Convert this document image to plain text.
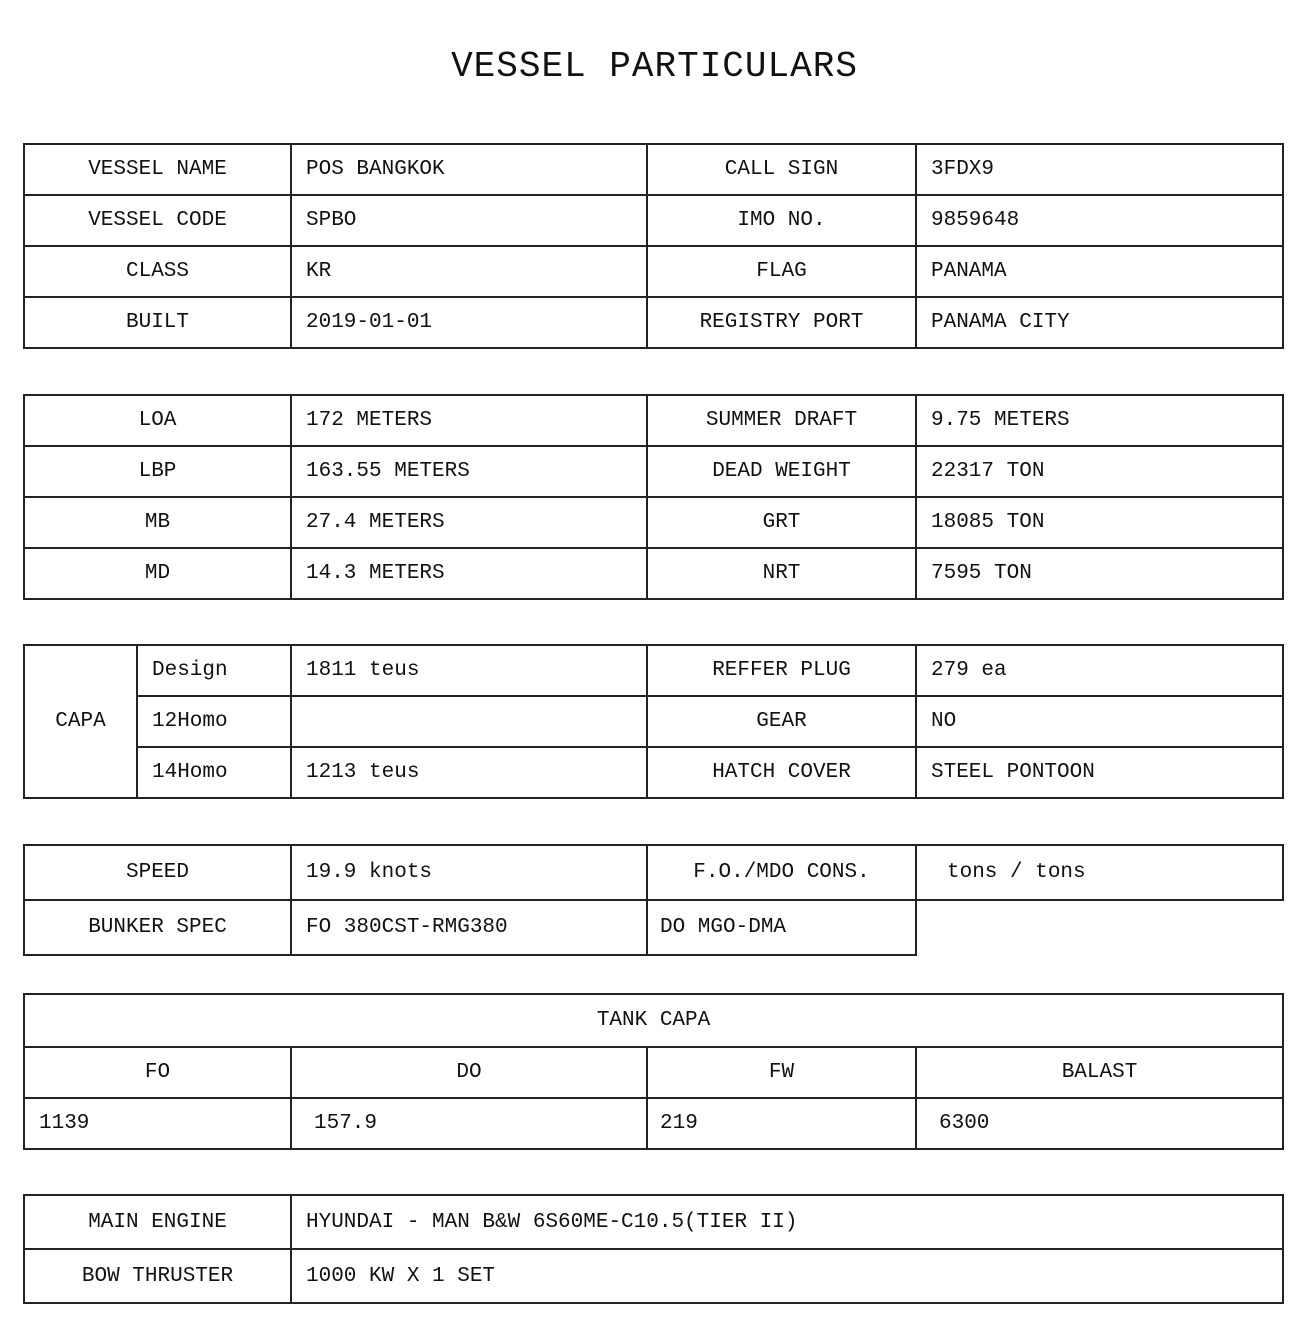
VESSEL PARTICULARS
VESSEL NAME	POS BANGKOK	CALL SIGN	3FDX9
VESSEL CODE	SPBO	IMO NO.	9859648
CLASS	KR	FLAG	PANAMA
BUILT	2019-01-01	REGISTRY PORT	PANAMA CITY
LOA	172 METERS	SUMMER DRAFT	9.75 METERS
LBP	163.55 METERS	DEAD WEIGHT	22317 TON
MB	27.4 METERS	GRT	18085 TON
MD	14.3 METERS	NRT	7595 TON
CAPA	Design	1811 teus	REFFER PLUG	279 ea
	12Homo		GEAR	NO
	14Homo	1213 teus	HATCH COVER	STEEL PONTOON
SPEED	19.9 knots	F.O./MDO CONS.	tons / tons
BUNKER SPEC	FO 380CST-RMG380	DO MGO-DMA	
TANK CAPA			
FO	DO	FW	BALAST
1139	157.9	219	6300
MAIN ENGINE	HYUNDAI - MAN B&W 6S60ME-C10.5(TIER II)
BOW THRUSTER	1000 KW X 1 SET
